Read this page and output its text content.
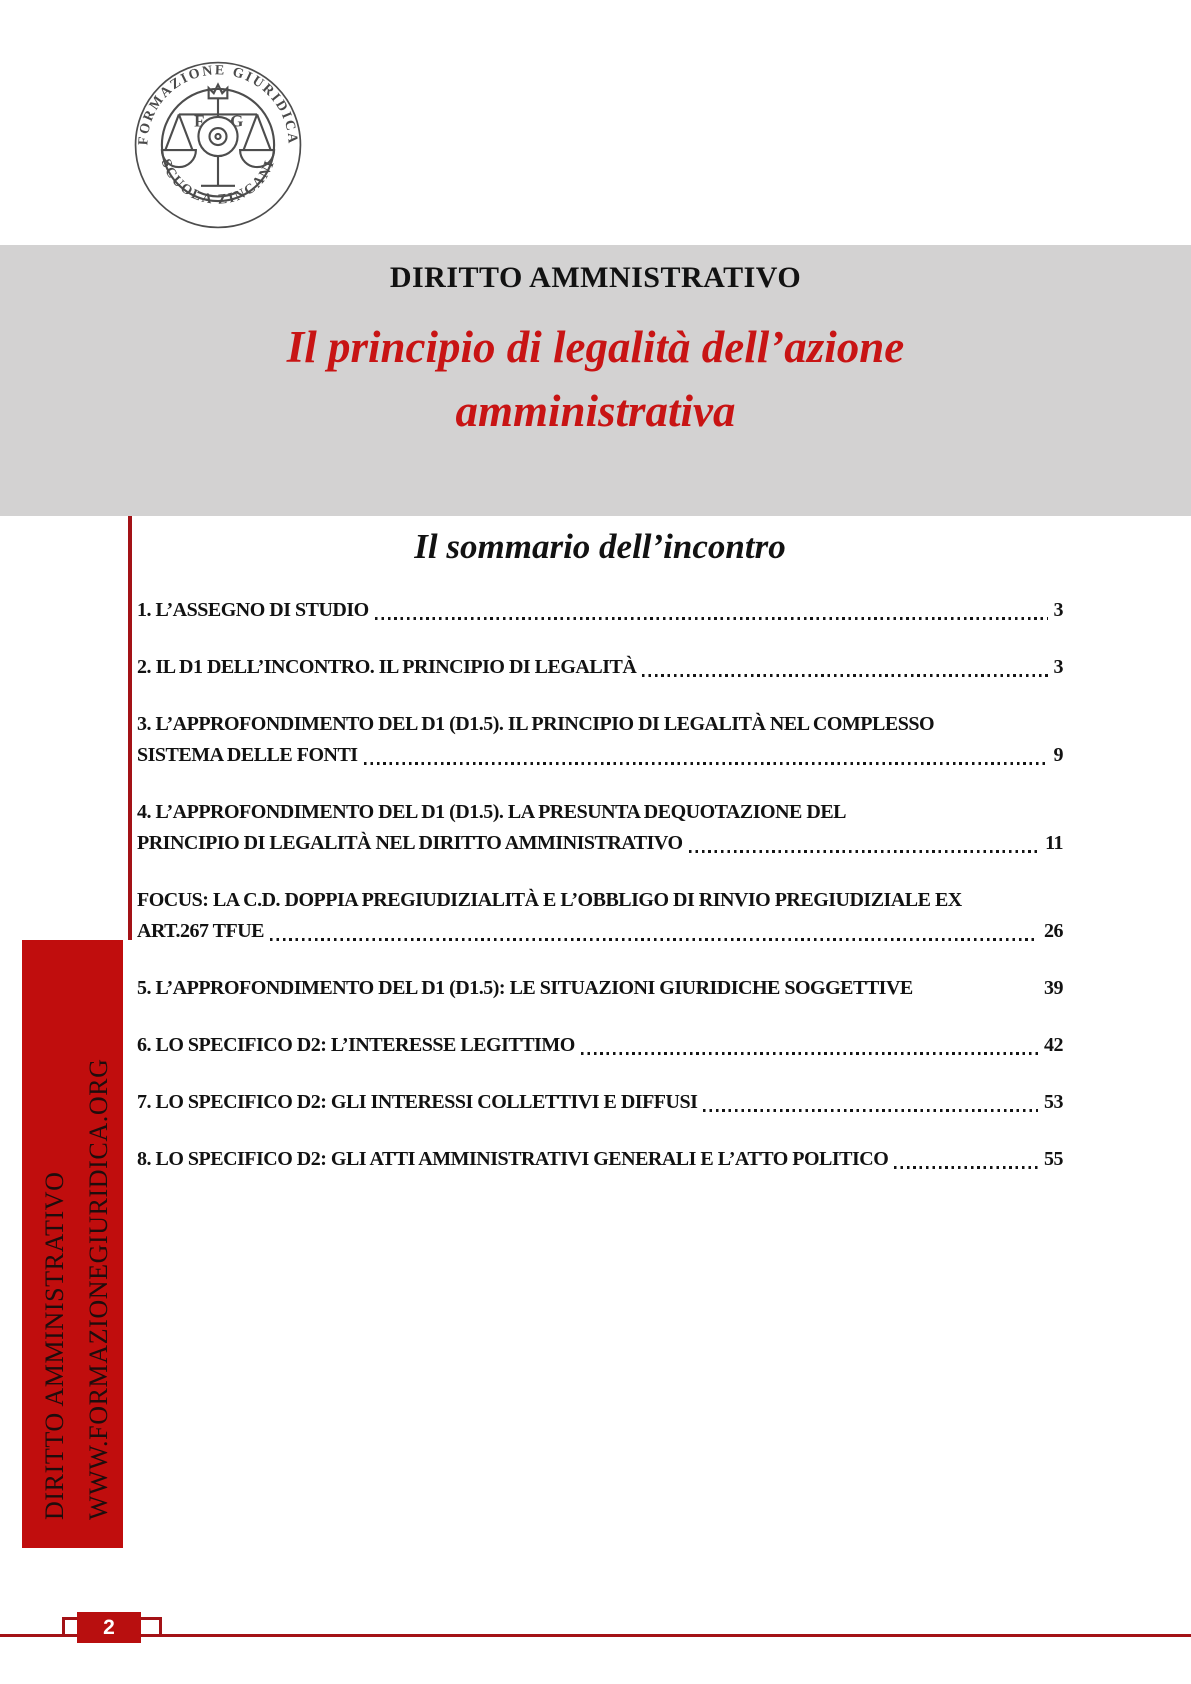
FORMAZIONE GIURIDICA
SCUOLA ZINCANI
F G
DIRITTO AMMNISTRATIVO
Il principio di legalità dell’azione amministrativa
Il sommario dell’incontro
1. L’ASSEGNO DI STUDIO	3
2. IL D1 DELL’INCONTRO. IL PRINCIPIO DI LEGALITÀ	3
3. L’APPROFONDIMENTO DEL D1 (D1.5). IL PRINCIPIO DI LEGALITÀ NEL COMPLESSO
SISTEMA DELLE FONTI	9
4. L’APPROFONDIMENTO DEL D1 (D1.5). LA PRESUNTA DEQUOTAZIONE DEL
PRINCIPIO DI LEGALITÀ NEL DIRITTO AMMINISTRATIVO	11
FOCUS: LA C.D. DOPPIA PREGIUDIZIALITÀ E L’OBBLIGO DI RINVIO PREGIUDIZIALE EX
ART.267 TFUE	26
5. L’APPROFONDIMENTO DEL D1 (D1.5): LE SITUAZIONI GIURIDICHE SOGGETTIVE	39
6. LO SPECIFICO D2: L’INTERESSE LEGITTIMO	42
7. LO SPECIFICO D2: GLI INTERESSI COLLETTIVI E DIFFUSI	53
8. LO SPECIFICO D2: GLI ATTI AMMINISTRATIVI GENERALI E L’ATTO POLITICO	55
DIRITTO AMMINISTRATIVO WWW.FORMAZIONEGIURIDICA.ORG
2
